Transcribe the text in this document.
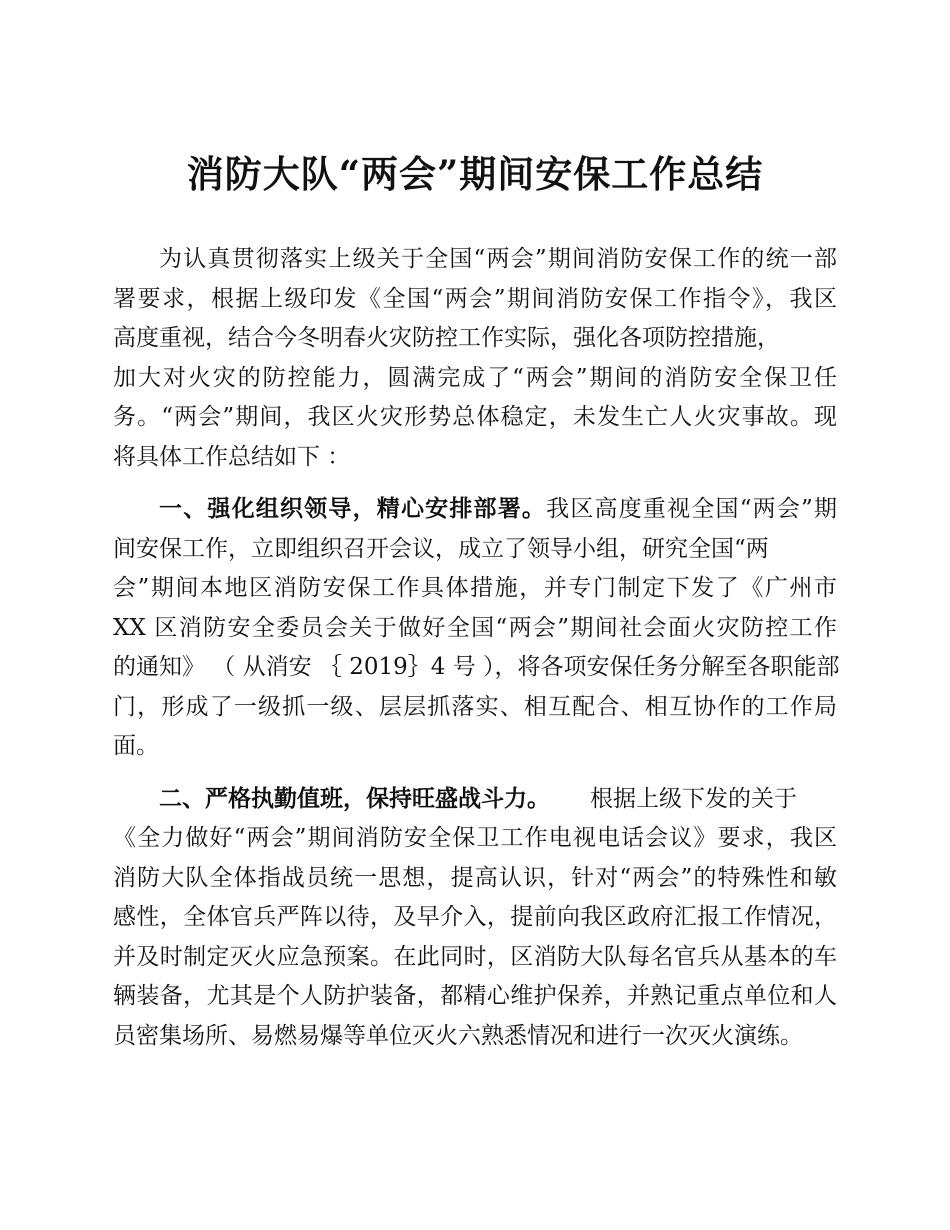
消防大队“两会”期间安保工作总结

为认真贯彻落实上级关于全国“两会”期间消防安保工作的统一部
署要求，根据上级印发《全国“两会”期间消防安保工作指令》，我区
高度重视，结合今冬明春火灾防控工作实际，强化各项防控措施，
加大对火灾的防控能力，圆满完成了“两会”期间的消防安全保卫任
务。“两会”期间，我区火灾形势总体稳定，未发生亡人火灾事故。现
将具体工作总结如下 ：

一、强化组织领导，精心安排部署。我区高度重视全国“两会”期
间安保工作，立即组织召开会议，成立了领导小组，研究全国“两
会”期间本地区消防安保工作具体措施，并专门制定下发了《广州市
XX 区消防安全委员会关于做好全国“两会”期间社会面火灾防控工作
的通知》 （ 从消安 ｛ 2019｝4 号 ），将各项安保任务分解至各职能部
门，形成了一级抓一级、层层抓落实、相互配合、相互协作的工作局
面。

二、严格执勤值班，保持旺盛战斗力。 根据上级下发的关于
《全力做好“两会”期间消防安全保卫工作电视电话会议》要求，我区
消防大队全体指战员统一思想，提高认识，针对“两会”的特殊性和敏
感性，全体官兵严阵以待，及早介入，提前向我区政府汇报工作情况，
并及时制定灭火应急预案。在此同时，区消防大队每名官兵从基本的车
辆装备，尤其是个人防护装备，都精心维护保养，并熟记重点单位和人
员密集场所、易燃易爆等单位灭火六熟悉情况和进行一次灭火演练。
